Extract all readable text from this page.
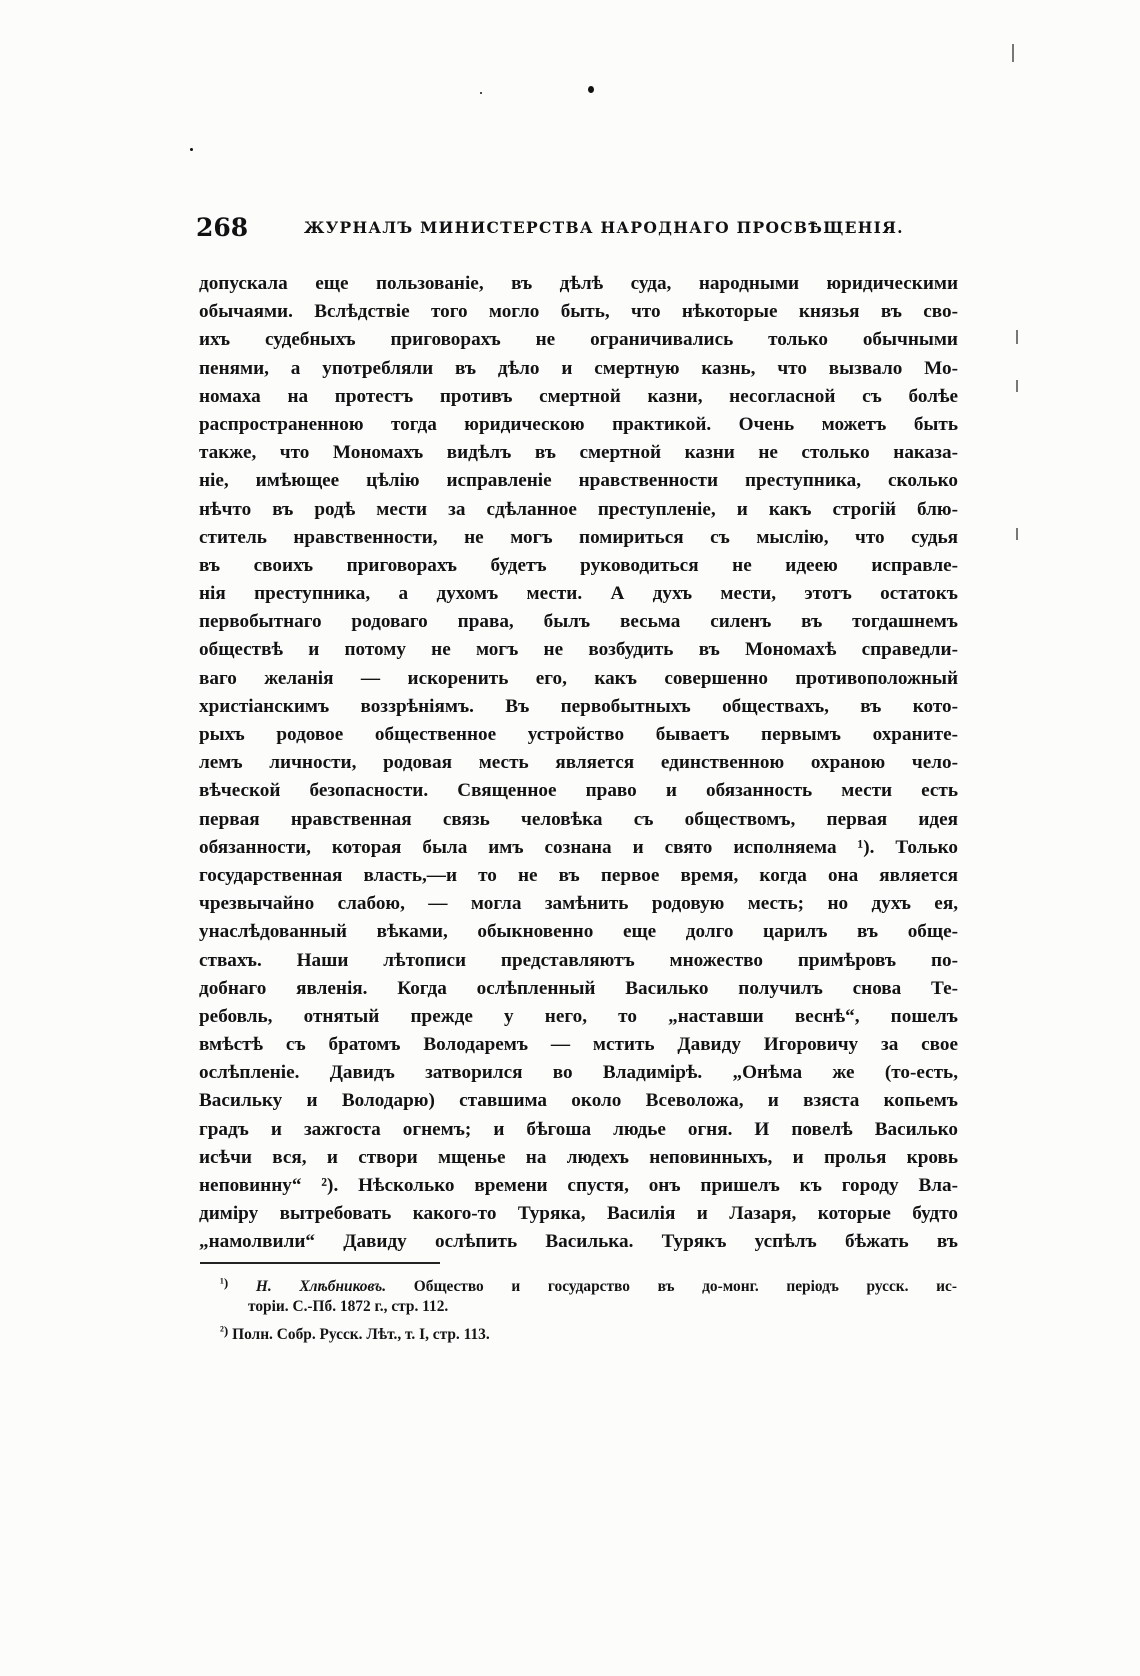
268	ЖУРНАЛЪ МИНИСТЕРСТВА НАРОДНАГО ПРОСВѢЩЕНІЯ.
допускала еще пользованіе, въ дѣлѣ суда, народными юридическими
обычаями. Вслѣдствіе того могло быть, что нѣкоторые князья въ сво-
ихъ судебныхъ приговорахъ не ограничивались только обычными
пенями, а употребляли въ дѣло и смертную казнь, что вызвало Мо-
номаха на протестъ противъ смертной казни, несогласной съ болѣе
распространенною тогда юридическою практикой. Очень можетъ быть
также, что Мономахъ видѣлъ въ смертной казни не столько наказа-
ніе, имѣющее цѣлію исправленіе нравственности преступника, сколько
нѣчто въ родѣ мести за сдѣланное преступленіе, и какъ строгій блю-
ститель нравственности, не могъ помириться съ мыслію, что судья
въ своихъ приговорахъ будетъ руководиться не идеею исправле-
нія преступника, а духомъ мести. А духъ мести, этотъ остатокъ
первобытнаго родоваго права, былъ весьма силенъ въ тогдашнемъ
обществѣ и потому не могъ не возбудить въ Мономахѣ справедли-
ваго желанія — искоренить его, какъ совершенно противоположный
христіанскимъ воззрѣніямъ. Въ первобытныхъ обществахъ, въ кото-
рыхъ родовое общественное устройство бываетъ первымъ охраните-
лемъ личности, родовая месть является единственною охраною чело-
вѣческой безопасности. Священное право и обязанность мести есть
первая нравственная связь человѣка съ обществомъ, первая идея
обязанности, которая была имъ сознана и свято исполняема ¹). Только
государственная власть,—и то не въ первое время, когда она является
чрезвычайно слабою, — могла замѣнить родовую месть; но духъ ея,
унаслѣдованный вѣками, обыкновенно еще долго царилъ въ обще-
ствахъ. Наши лѣтописи представляютъ множество примѣровъ по-
добнаго явленія. Когда ослѣпленный Василько получилъ снова Те-
ребовль, отнятый прежде у него, то „наставши веснѣ“, пошелъ
вмѣстѣ съ братомъ Володаремъ — мстить Давиду Игоровичу за свое
ослѣпленіе. Давидъ затворился во Владимірѣ. „Онѣма же (то-есть,
Васильку и Володарю) ставшима около Всеволожа, и взяста копьемъ
градъ и зажгоста огнемъ; и бѣгоша людье огня. И повелѣ Василько
исѣчи вся, и створи мщенье на людехъ неповинныхъ, и пролья кровь
неповинну“ ²). Нѣсколько времени спустя, онъ пришелъ къ городу Вла-
диміру вытребовать какого-то Туряка, Василія и Лазаря, которые будто
„намолвили“ Давиду ослѣпить Василька. Турякъ успѣлъ бѣжать въ
$^{^1)}$ Н. Хлѣбниковъ. Общество и государство въ до-монг. періодъ русск. ис-
торіи. С.-Пб. 1872 г., стр. 112.
$^{^2)}$ Полн. Собр. Русск. Лѣт., т. I, стр. 113.
